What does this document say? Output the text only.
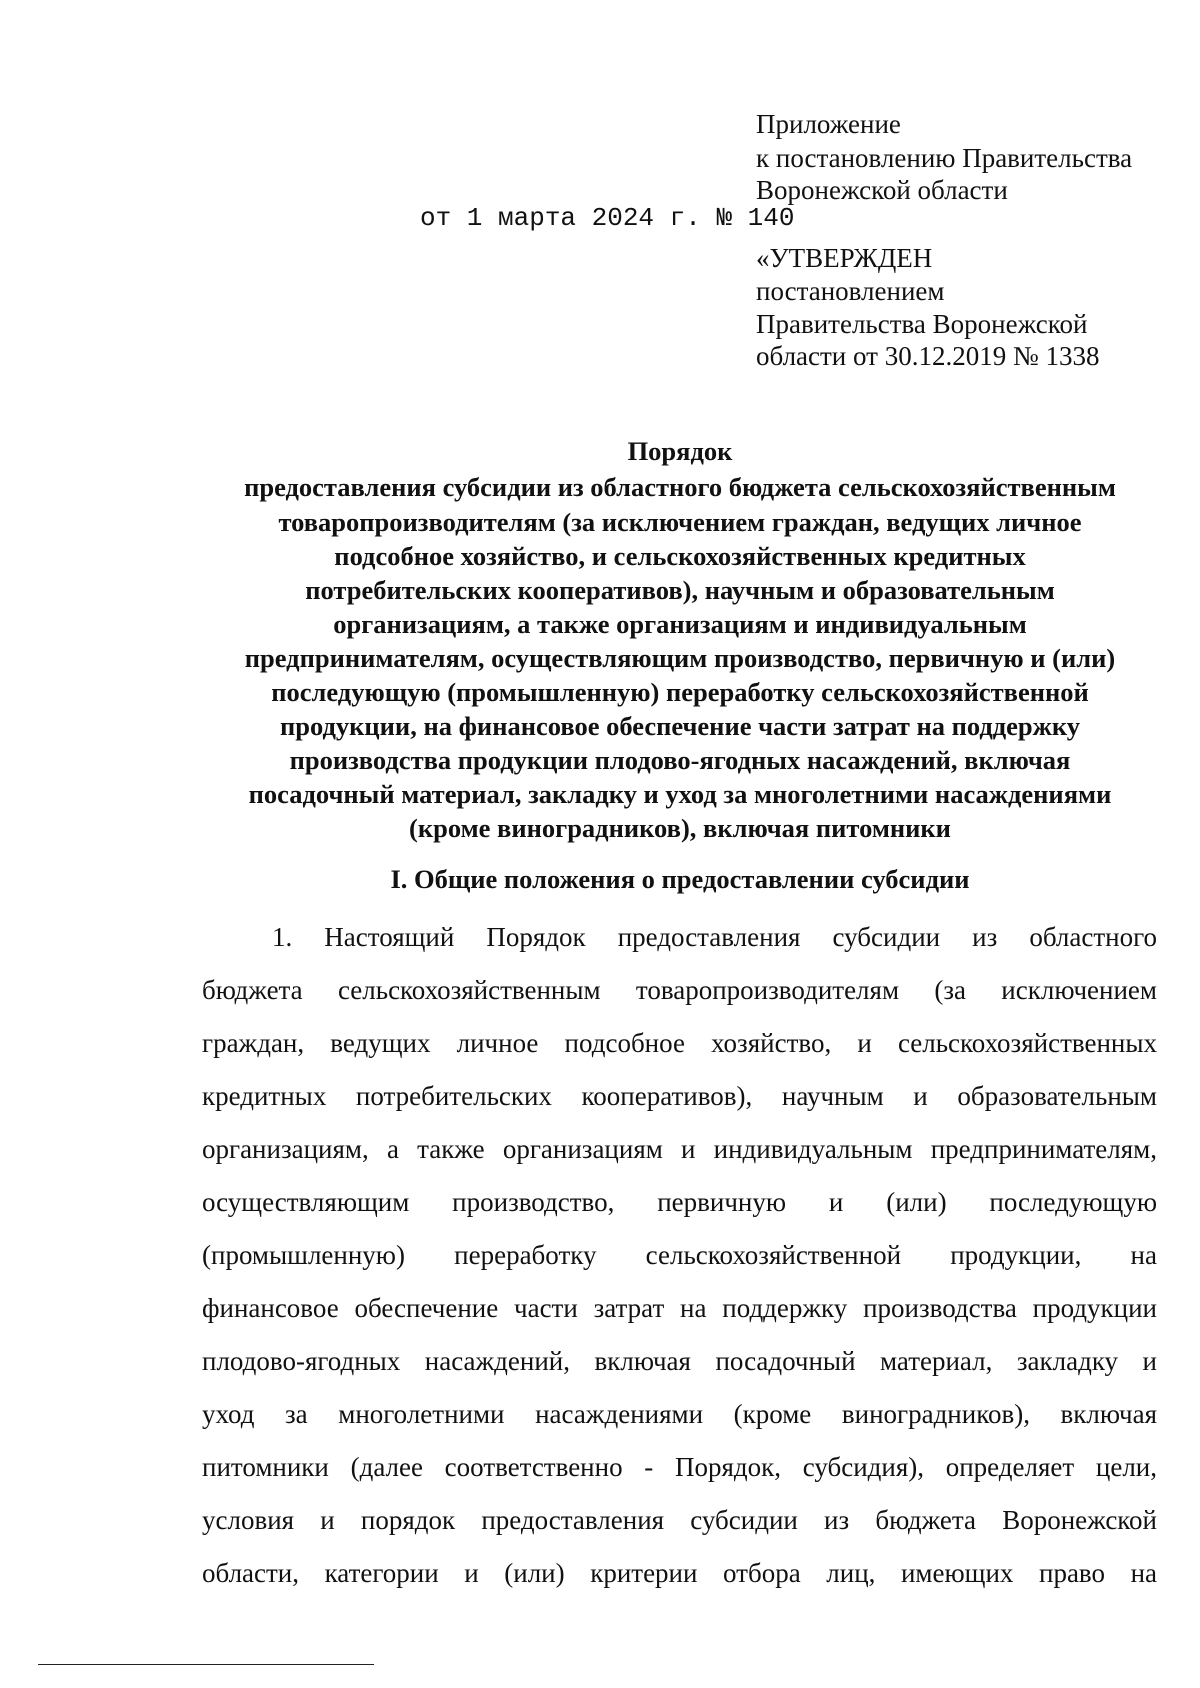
Приложение
к постановлению Правительства
Воронежской области
от 1 марта 2024 г. № 140
«УТВЕРЖДЕН
постановлением
Правительства Воронежской
области от 30.12.2019 № 1338
Порядок
предоставления субсидии из областного бюджета сельскохозяйственным
товаропроизводителям (за исключением граждан, ведущих личное
подсобное хозяйство, и сельскохозяйственных кредитных
потребительских кооперативов), научным и образовательным
организациям, а также организациям и индивидуальным
предпринимателям, осуществляющим производство, первичную и (или)
последующую (промышленную) переработку сельскохозяйственной
продукции, на финансовое обеспечение части затрат на поддержку
производства продукции плодово-ягодных насаждений, включая
посадочный материал, закладку и уход за многолетними насаждениями
(кроме виноградников), включая питомники
I. Общие положения о предоставлении субсидии
1. Настоящий Порядок предоставления субсидии из областного
бюджета сельскохозяйственным товаропроизводителям (за исключением
граждан, ведущих личное подсобное хозяйство, и сельскохозяйственных
кредитных потребительских кооперативов), научным и образовательным
организациям, а также организациям и индивидуальным предпринимателям,
осуществляющим производство, первичную и (или) последующую
(промышленную) переработку сельскохозяйственной продукции, на
финансовое обеспечение части затрат на поддержку производства продукции
плодово-ягодных насаждений, включая посадочный материал, закладку и
уход за многолетними насаждениями (кроме виноградников), включая
питомники (далее соответственно - Порядок, субсидия), определяет цели,
условия и порядок предоставления субсидии из бюджета Воронежской
области, категории и (или) критерии отбора лиц, имеющих право на
